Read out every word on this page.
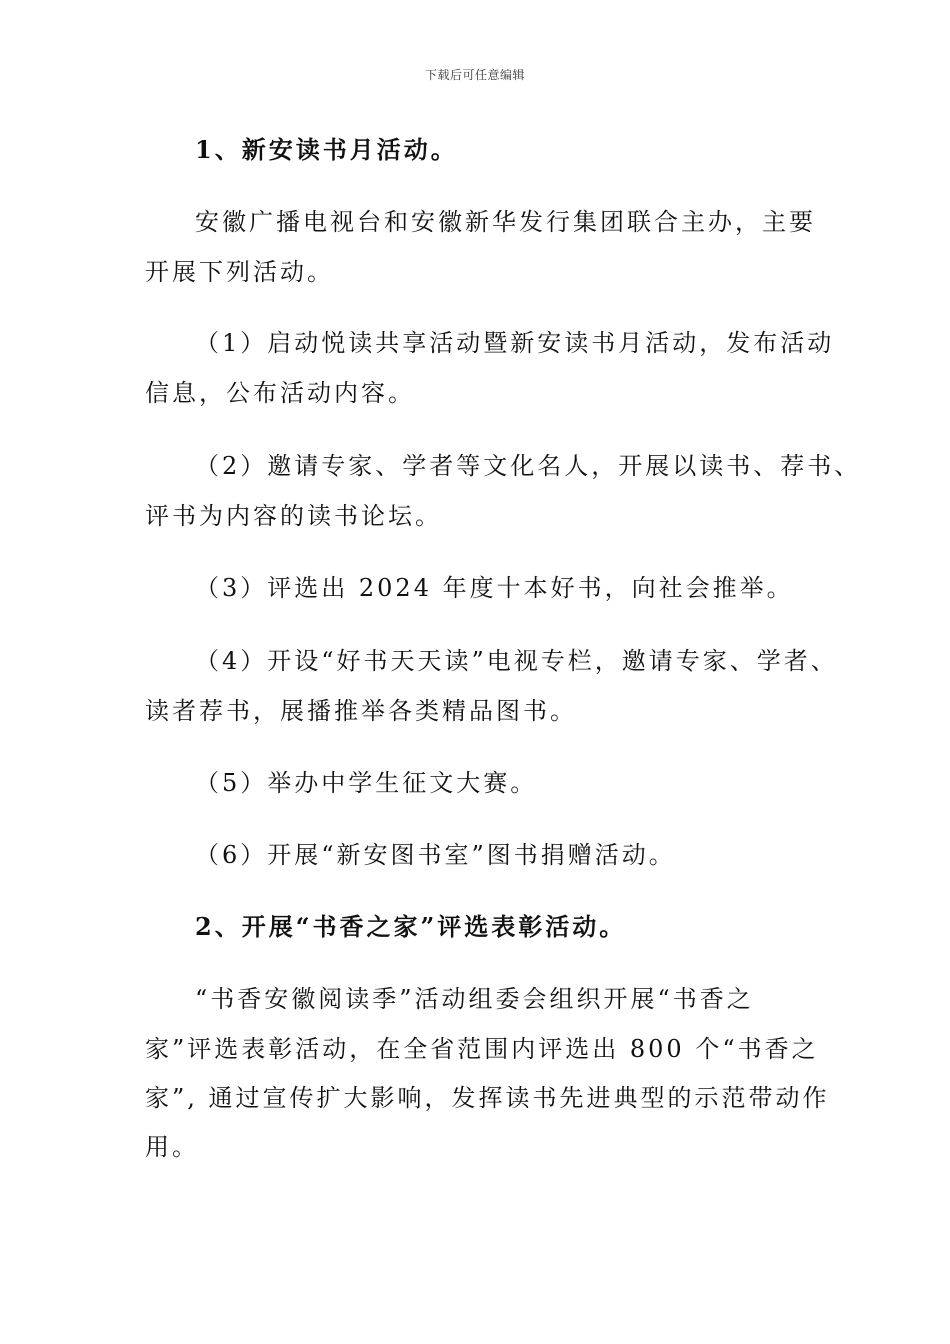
下载后可任意编辑
1、新安读书月活动。
安徽广播电视台和安徽新华发行集团联合主办，主要
开展下列活动。
（1）启动悦读共享活动暨新安读书月活动，发布活动
信息，公布活动内容。
（2）邀请专家、学者等文化名人，开展以读书、荐书、
评书为内容的读书论坛。
（3）评选出 2024 年度十本好书，向社会推举。
（4）开设“好书天天读”电视专栏，邀请专家、学者、
读者荐书，展播推举各类精品图书。
（5）举办中学生征文大赛。
（6）开展“新安图书室”图书捐赠活动。
2、开展“书香之家”评选表彰活动。
“书香安徽阅读季”活动组委会组织开展“书香之
家”评选表彰活动，在全省范围内评选出 800 个“书香之
家”, 通过宣传扩大影响，发挥读书先进典型的示范带动作
用。
